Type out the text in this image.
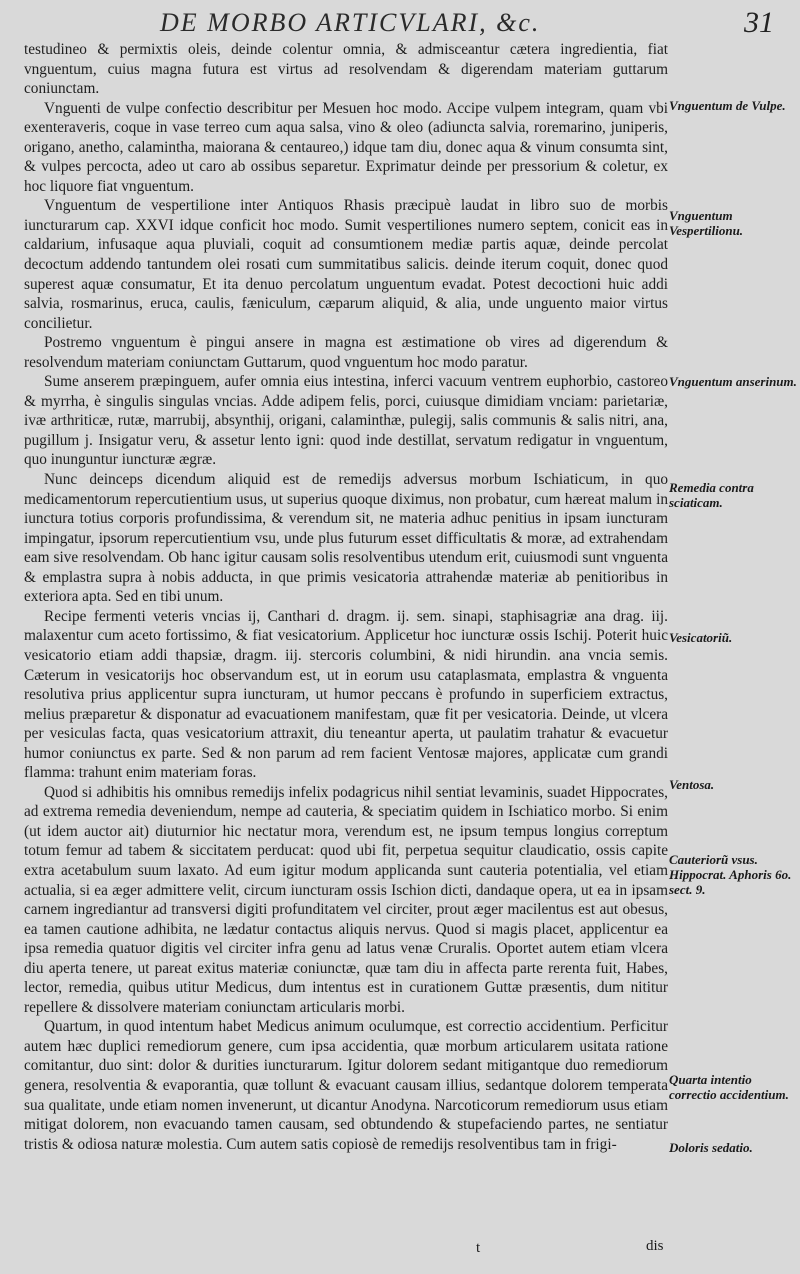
DE MORBO ARTICVLARI, &c.	31

testudineo & permixtis oleis, deinde colentur omnia, & admisceantur cætera ingredientia, fiat vnguentum, cuius magna futura est virtus ad resolvendam & digerendam materiam guttarum coniunctam.

Vnguenti de vulpe confectio describitur per Mesuen hoc modo. Accipe vulpem integram, quam vbi exenteraveris, coque in vase terreo cum aqua salsa, vino & oleo (adiuncta salvia, roremarino, juniperis, origano, anetho, calamintha, maiorana & centaureo,) idque tam diu, donec aqua & vinum consumta sint, & vulpes percocta, adeo ut caro ab ossibus separetur. Exprimatur deinde per pressorium & coletur, ex hoc liquore fiat vnguentum.

Vnguentum de vespertilione inter Antiquos Rhasis præcipuè laudat in libro suo de morbis iuncturarum cap. XXVI idque conficit hoc modo. Sumit vespertiliones numero septem, conicit eas in caldarium, infusaque aqua pluviali, coquit ad consumtionem mediæ partis aquæ, deinde percolat decoctum addendo tantundem olei rosati cum summitatibus salicis. deinde iterum coquit, donec quod superest aquæ consumatur, Et ita denuo percolatum unguentum evadat. Potest decoctioni huic addi salvia, rosmarinus, eruca, caulis, fæniculum, cæparum aliquid, & alia, unde unguento maior virtus concilietur.

Postremo vnguentum è pingui ansere in magna est æstimatione ob vires ad digerendum & resolvendum materiam coniunctam Guttarum, quod vnguentum hoc modo paratur.

Sume anserem præpinguem, aufer omnia eius intestina, inferci vacuum ventrem euphorbio, castoreo & myrrha, è singulis singulas vncias. Adde adipem felis, porci, cuiusque dimidiam vnciam: parietariæ, ivæ arthriticæ, rutæ, marrubij, absynthij, origani, calaminthæ, pulegij, salis communis & salis nitri, ana, pugillum j. Insigatur veru, & assetur lento igni: quod inde destillat, servatum redigatur in vnguentum, quo inunguntur iuncturæ ægræ.

Nunc deinceps dicendum aliquid est de remedijs adversus morbum Ischiaticum, in quo medicamentorum repercutientium usus, ut superius quoque diximus, non probatur, cum hæreat malum in iunctura totius corporis profundissima, & verendum sit, ne materia adhuc penitius in ipsam iuncturam impingatur, ipsorum repercutientium vsu, unde plus futurum esset difficultatis & moræ, ad extrahendam eam sive resolvendam. Ob hanc igitur causam solis resolventibus utendum erit, cuiusmodi sunt vnguenta & emplastra supra à nobis adducta, in que primis vesicatoria attrahendæ materiæ ab penitioribus in exteriora apta. Sed en tibi unum.

Recipe fermenti veteris vncias ij, Canthari d. dragm. ij. sem. sinapi, staphisagriæ ana drag. iij. malaxentur cum aceto fortissimo, & fiat vesicatorium. Applicetur hoc iuncturæ ossis Ischij. Poterit huic vesicatorio etiam addi thapsiæ, dragm. iij. stercoris columbini, & nidi hirundin. ana vncia semis. Cæterum in vesicatorijs hoc observandum est, ut in eorum usu cataplasmata, emplastra & vnguenta resolutiva prius applicentur supra iuncturam, ut humor peccans è profundo in superficiem extractus, melius præparetur & disponatur ad evacuationem manifestam, quæ fit per vesicatoria. Deinde, ut vlcera per vesiculas facta, quas vesicatorium attraxit, diu teneantur aperta, ut paulatim trahatur & evacuetur humor coniunctus ex parte. Sed & non parum ad rem facient Ventosæ majores, applicatæ cum grandi flamma: trahunt enim materiam foras.

Quod si adhibitis his omnibus remedijs infelix podagricus nihil sentiat levaminis, suadet Hippocrates, ad extrema remedia deveniendum, nempe ad cauteria, & speciatim quidem in Ischiatico morbo. Si enim (ut idem auctor ait) diuturnior hic nectatur mora, verendum est, ne ipsum tempus longius correptum totum femur ad tabem & siccitatem perducat: quod ubi fit, perpetua sequitur claudicatio, ossis capite extra acetabulum suum laxato. Ad eum igitur modum applicanda sunt cauteria potentialia, vel etiam actualia, si ea æger admittere velit, circum iuncturam ossis Ischion dicti, dandaque opera, ut ea in ipsam carnem ingrediantur ad transversi digiti profunditatem vel circiter, prout æger macilentus est aut obesus, ea tamen cautione adhibita, ne lædatur contactus aliquis nervus. Quod si magis placet, applicentur ea ipsa remedia quatuor digitis vel circiter infra genu ad latus venæ Cruralis. Oportet autem etiam vlcera diu aperta tenere, ut pareat exitus materiæ coniunctæ, quæ tam diu in affecta parte rerenta fuit, Habes, lector, remedia, quibus utitur Medicus, dum intentus est in curationem Guttæ præsentis, dum nititur repellere & dissolvere materiam coniunctam articularis morbi.

Quartum, in quod intentum habet Medicus animum oculumque, est correctio accidentium. Perficitur autem hæc duplici remediorum genere, cum ipsa accidentia, quæ morbum articularem usitata ratione comitantur, duo sint: dolor & durities iuncturarum. Igitur dolorem sedant mitigantque duo remediorum genera, resolventia & evaporantia, quæ tollunt & evacuant causam illius, sedantque dolorem temperata sua qualitate, unde etiam nomen invenerunt, ut dicantur Anodyna. Narcoticorum remediorum usus etiam mitigat dolorem, non evacuando tamen causam, sed obtundendo & stupefaciendo partes, ne sentiatur tristis & odiosa naturæ molestia. Cum autem satis copiosè de remedijs resolventibus tam in frigi-

Vnguentum de Vulpe.
Vnguentum Vespertilionu.
Vnguentum anserinum.
Remedia contra sciaticam.
Vesicatoriũ.
Ventosa.
Cauteriorũ vsus. Hippocrat. Aphoris 6o. sect. 9.
Quarta intentio correctio accidentium.
Doloris sedatio.
t	dis
